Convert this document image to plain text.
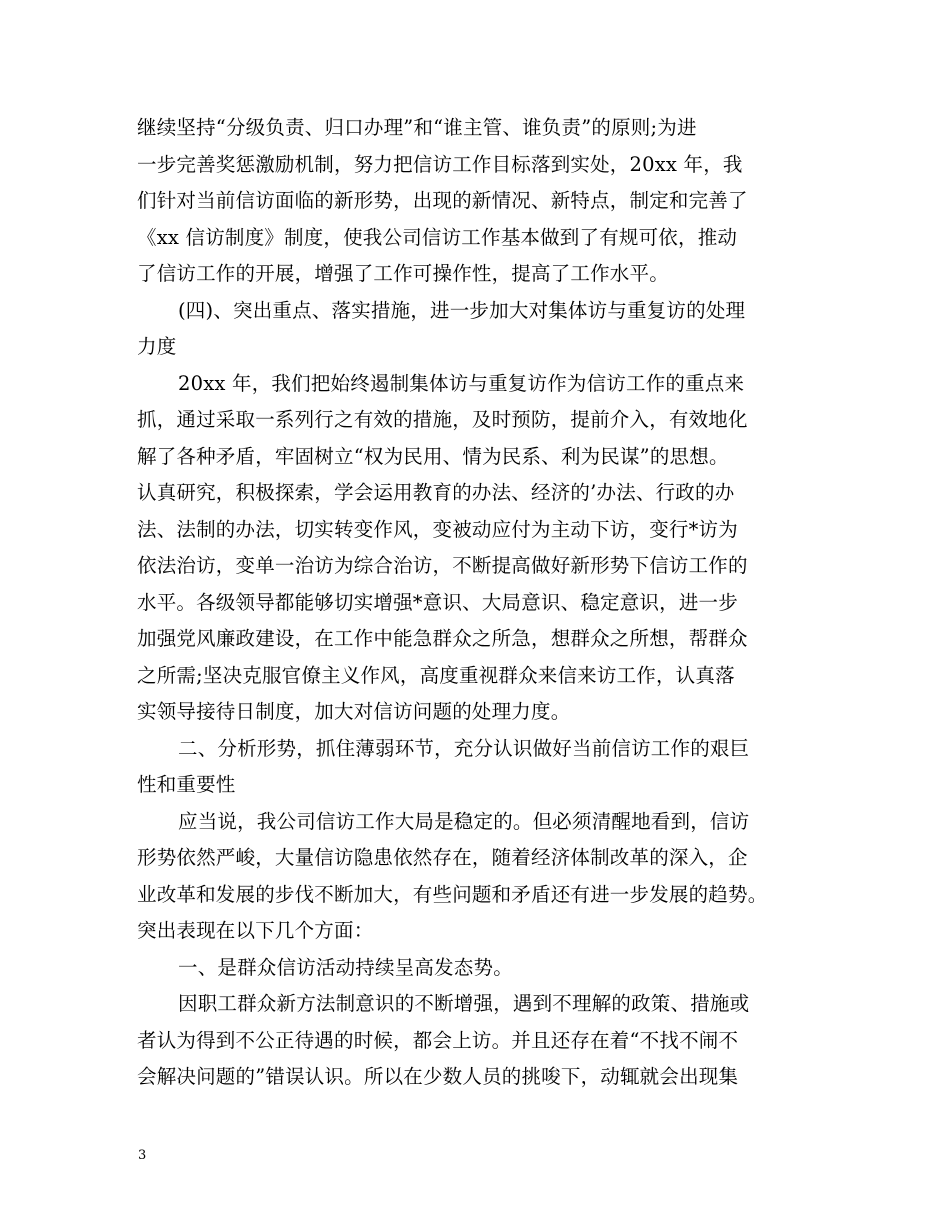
继续坚持“分级负责、归口办理”和“谁主管、谁负责”的原则;为进
一步完善奖惩激励机制，努力把信访工作目标落到实处，20xx 年，我
们针对当前信访面临的新形势，出现的新情况、新特点，制定和完善了
《xx 信访制度》制度，使我公司信访工作基本做到了有规可依，推动
了信访工作的开展，增强了工作可操作性，提高了工作水平。
(四)、突出重点、落实措施，进一步加大对集体访与重复访的处理
力度
20xx 年，我们把始终遏制集体访与重复访作为信访工作的重点来
抓，通过采取一系列行之有效的措施，及时预防，提前介入，有效地化
解了各种矛盾，牢固树立“权为民用、情为民系、利为民谋”的思想。
认真研究，积极探索，学会运用教育的办法、经济的’办法、行政的办
法、法制的办法，切实转变作风，变被动应付为主动下访，变行*访为
依法治访，变单一治访为综合治访，不断提高做好新形势下信访工作的
水平。各级领导都能够切实增强*意识、大局意识、稳定意识，进一步
加强党风廉政建设，在工作中能急群众之所急，想群众之所想，帮群众
之所需;坚决克服官僚主义作风，高度重视群众来信来访工作，认真落
实领导接待日制度，加大对信访问题的处理力度。
二、分析形势，抓住薄弱环节，充分认识做好当前信访工作的艰巨
性和重要性
应当说，我公司信访工作大局是稳定的。但必须清醒地看到，信访
形势依然严峻，大量信访隐患依然存在，随着经济体制改革的深入，企
业改革和发展的步伐不断加大，有些问题和矛盾还有进一步发展的趋势。
突出表现在以下几个方面：
一、是群众信访活动持续呈高发态势。
因职工群众新方法制意识的不断增强，遇到不理解的政策、措施或
者认为得到不公正待遇的时候，都会上访。并且还存在着“不找不闹不
会解决问题的”错误认识。所以在少数人员的挑唆下，动辄就会出现集
3
